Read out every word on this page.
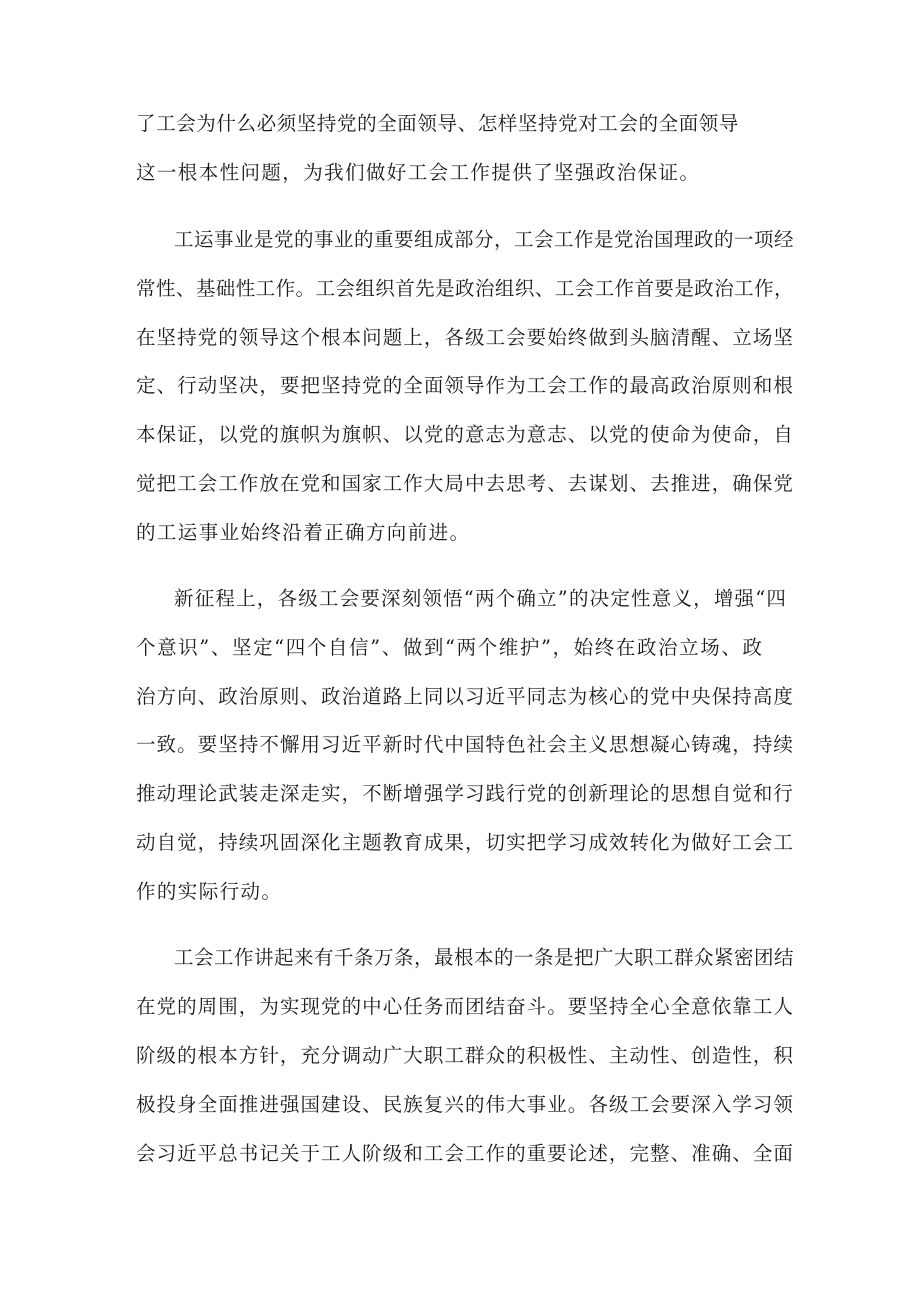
了工会为什么必须坚持党的全面领导、怎样坚持党对工会的全面领导
这一根本性问题，为我们做好工会工作提供了坚强政治保证。
工运事业是党的事业的重要组成部分，工会工作是党治国理政的一项经
常性、基础性工作。工会组织首先是政治组织、工会工作首要是政治工作，
在坚持党的领导这个根本问题上，各级工会要始终做到头脑清醒、立场坚
定、行动坚决，要把坚持党的全面领导作为工会工作的最高政治原则和根
本保证，以党的旗帜为旗帜、以党的意志为意志、以党的使命为使命，自
觉把工会工作放在党和国家工作大局中去思考、去谋划、去推进，确保党
的工运事业始终沿着正确方向前进。
新征程上，各级工会要深刻领悟“两个确立”的决定性意义，增强“四
个意识”、坚定“四个自信”、做到“两个维护”，始终在政治立场、政
治方向、政治原则、政治道路上同以习近平同志为核心的党中央保持高度
一致。要坚持不懈用习近平新时代中国特色社会主义思想凝心铸魂，持续
推动理论武装走深走实，不断增强学习践行党的创新理论的思想自觉和行
动自觉，持续巩固深化主题教育成果，切实把学习成效转化为做好工会工
作的实际行动。
工会工作讲起来有千条万条，最根本的一条是把广大职工群众紧密团结
在党的周围，为实现党的中心任务而团结奋斗。要坚持全心全意依靠工人
阶级的根本方针，充分调动广大职工群众的积极性、主动性、创造性，积
极投身全面推进强国建设、民族复兴的伟大事业。各级工会要深入学习领
会习近平总书记关于工人阶级和工会工作的重要论述，完整、准确、全面
